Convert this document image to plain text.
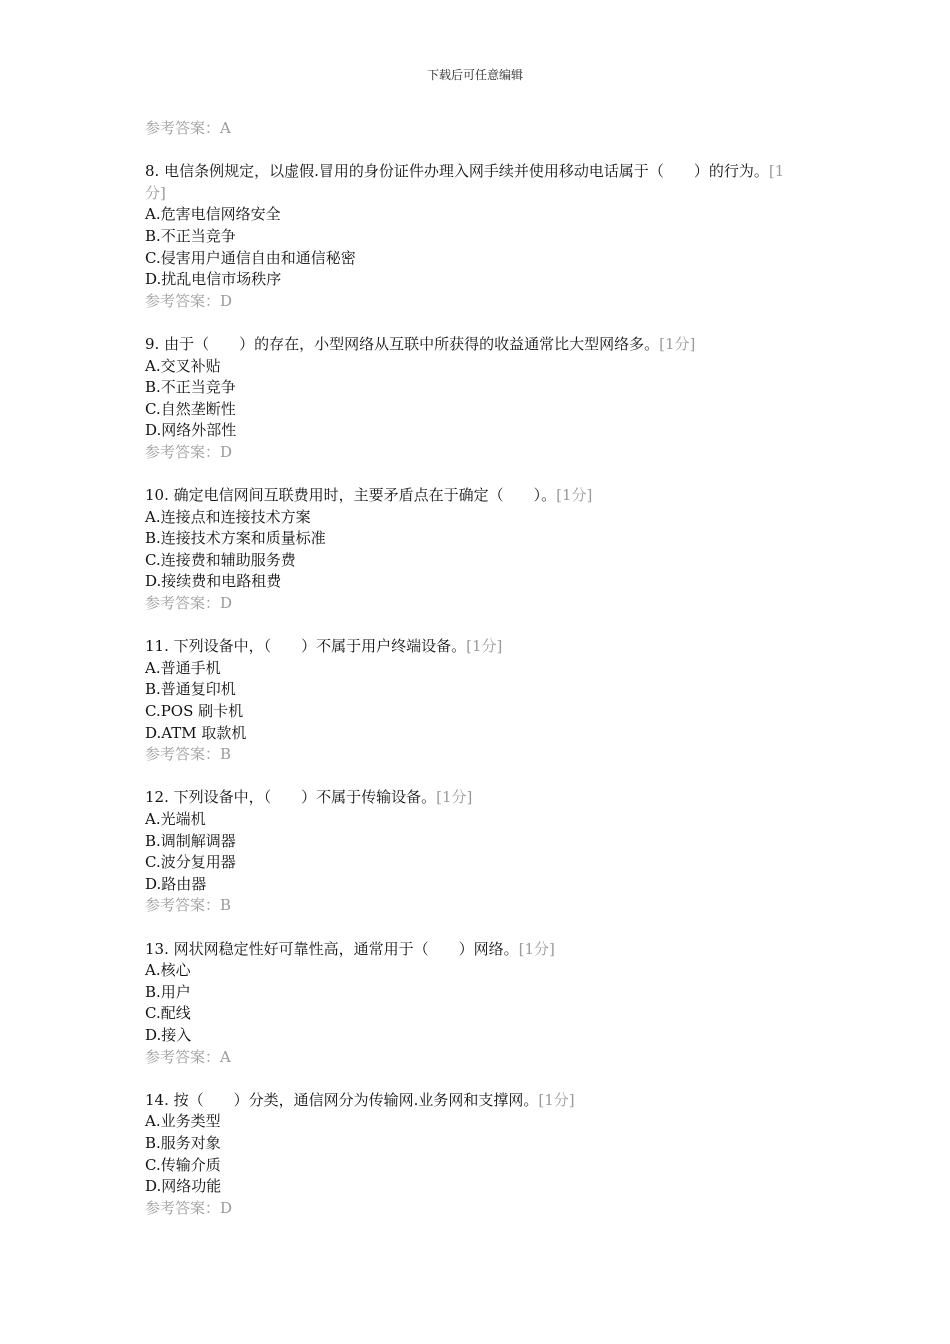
下载后可任意编辑
参考答案：A
8. 电信条例规定，以虚假.冒用的身份证件办理入网手续并使用移动电话属于（　　）的行为。[1分]
A.危害电信网络安全
B.不正当竞争
C.侵害用户通信自由和通信秘密
D.扰乱电信市场秩序
参考答案：D
9. 由于（　　）的存在，小型网络从互联中所获得的收益通常比大型网络多。[1分]
A.交叉补贴
B.不正当竞争
C.自然垄断性
D.网络外部性
参考答案：D
10. 确定电信网间互联费用时，主要矛盾点在于确定（　　）。[1分]
A.连接点和连接技术方案
B.连接技术方案和质量标准
C.连接费和辅助服务费
D.接续费和电路租费
参考答案：D
11. 下列设备中，（　　）不属于用户终端设备。[1分]
A.普通手机
B.普通复印机
C.POS 刷卡机
D.ATM 取款机
参考答案：B
12. 下列设备中，（　　）不属于传输设备。[1分]
A.光端机
B.调制解调器
C.波分复用器
D.路由器
参考答案：B
13. 网状网稳定性好可靠性高，通常用于（　　）网络。[1分]
A.核心
B.用户
C.配线
D.接入
参考答案：A
14. 按（　　）分类，通信网分为传输网.业务网和支撑网。[1分]
A.业务类型
B.服务对象
C.传输介质
D.网络功能
参考答案：D
